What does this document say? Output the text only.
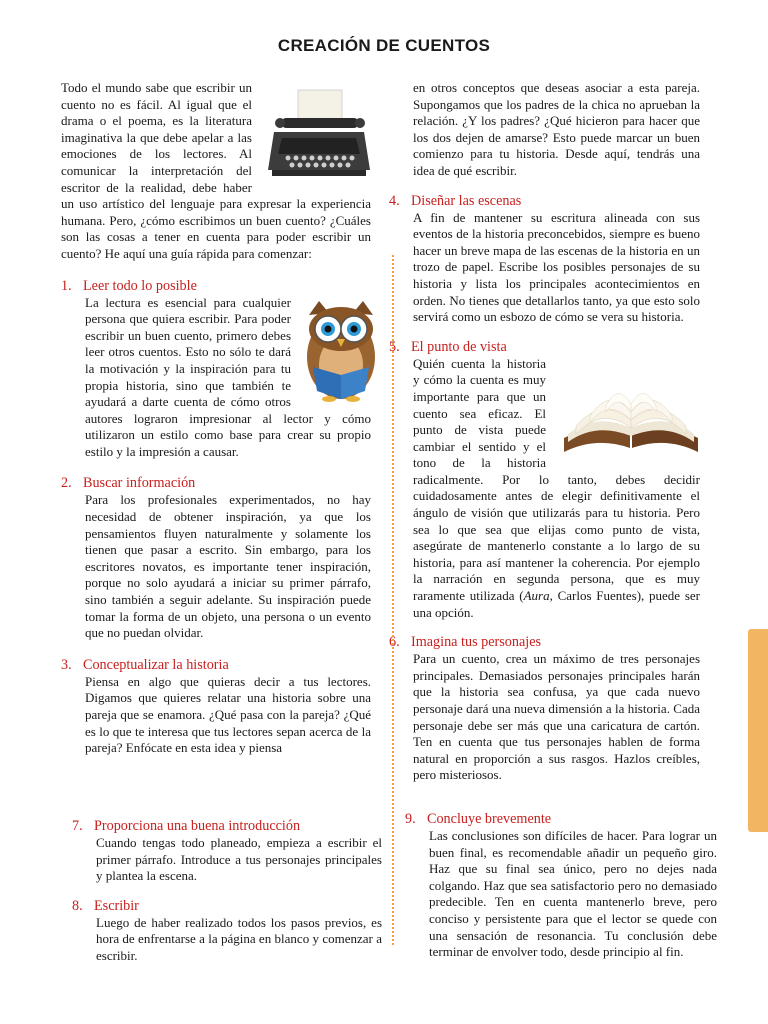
CREACIÓN DE CUENTOS

Todo el mundo sabe que escribir un cuento no es fácil. Al igual que el drama o el poema, es la literatura imaginativa la que debe apelar a las emociones de los lectores. Al comunicar la interpretación del escritor de la realidad, debe haber un uso artístico del lenguaje para expresar la experiencia humana. Pero, ¿cómo escribimos un buen cuento? ¿Cuáles son las cosas a tener en cuenta para poder escribir un cuento? He aquí una guía rápida para comenzar:

1. Leer todo lo posible

La lectura es esencial para cualquier persona que quiera escribir. Para poder escribir un buen cuento, primero debes leer otros cuentos. Esto no sólo te dará la motivación y la inspiración para tu propia historia, sino que también te ayudará a darte cuenta de cómo otros autores lograron impresionar al lector y cómo utilizaron un estilo como base para crear su propio estilo y la impresión a causar.

2. Buscar información

Para los profesionales experimentados, no hay necesidad de obtener inspiración, ya que los pensamientos fluyen naturalmente y solamente los tienen que pasar a escrito. Sin embargo, para los escritores novatos, es importante tener inspiración, porque no solo ayudará a iniciar su primer párrafo, sino también a seguir adelante. Su inspiración puede tomar la forma de un objeto, una persona o un evento que no puedan olvidar.

3. Conceptualizar la historia

Piensa en algo que quieras decir a tus lectores. Digamos que quieres relatar una historia sobre una pareja que se enamora. ¿Qué pasa con la pareja? ¿Qué es lo que te interesa que tus lectores sepan acerca de la pareja? Enfócate en esta idea y piensa

en otros conceptos que deseas asociar a esta pareja. Supongamos que los padres de la chica no aprueban la relación. ¿Y los padres? ¿Qué hicieron para hacer que los dos dejen de amarse? Esto puede marcar un buen comienzo para tu historia. Desde aquí, tendrás una idea de qué escribir.

4. Diseñar las escenas

A fin de mantener su escritura alineada con sus eventos de la historia preconcebidos, siempre es bueno hacer un breve mapa de las escenas de la historia en un trozo de papel. Escribe los posibles personajes de su historia y lista los principales acontecimientos en orden. No tienes que detallarlos tanto, ya que esto solo servirá como un esbozo de cómo se vera su historia.

5. El punto de vista

Quién cuenta la historia y cómo la cuenta es muy importante para que un cuento sea eficaz. El punto de vista puede cambiar el sentido y el tono de la historia radicalmente. Por lo tanto, debes decidir cuidadosamente antes de elegir definitivamente el ángulo de visión que utilizarás para tu historia. Pero sea lo que sea que elijas como punto de vista, asegúrate de mantenerlo constante a lo largo de su historia, para así mantener la coherencia. Por ejemplo la narración en segunda persona, que es muy raramente utilizada (Aura, Carlos Fuentes), puede ser una opción.

6. Imagina tus personajes

Para un cuento, crea un máximo de tres personajes principales. Demasiados personajes principales harán que la historia sea confusa, ya que cada nuevo personaje dará una nueva dimensión a la historia. Cada personaje debe ser más que una caricatura de cartón. Ten en cuenta que tus personajes hablen de forma natural en proporción a sus rasgos. Hazlos creíbles, pero misteriosos.

7. Proporciona una buena introducción

Cuando tengas todo planeado, empieza a escribir el primer párrafo. Introduce a tus personajes principales y plantea la escena.

8. Escribir

Luego de haber realizado todos los pasos previos, es hora de enfrentarse a la página en blanco y comenzar a escribir.

9. Concluye brevemente

Las conclusiones son difíciles de hacer. Para lograr un buen final, es recomendable añadir un pequeño giro. Haz que su final sea único, pero no dejes nada colgando. Haz que sea satisfactorio pero no demasiado predecible. Ten en cuenta mantenerlo breve, pero conciso y persistente para que el lector se quede con una sensación de resonancia. Tu conclusión debe terminar de envolver todo, desde principio al fin.
